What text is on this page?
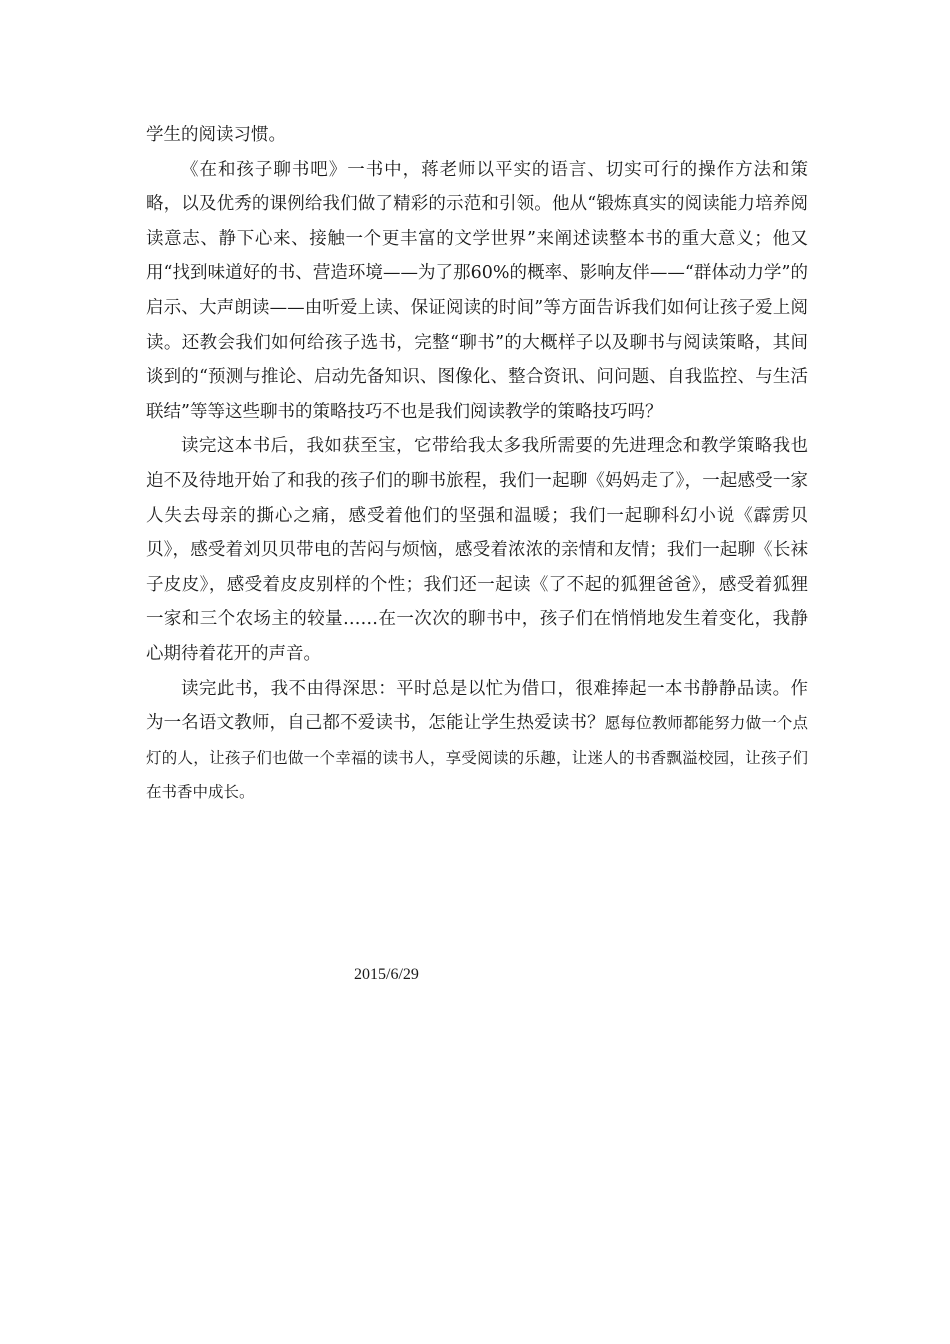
学生的阅读习惯。

《在和孩子聊书吧》一书中，蒋老师以平实的语言、切实可行的操作方法和策略，以及优秀的课例给我们做了精彩的示范和引领。他从“锻炼真实的阅读能力培养阅读意志、静下心来、接触一个更丰富的文学世界”来阐述读整本书的重大意义；他又用“找到味道好的书、营造环境——为了那60%的概率、影响友伴——“群体动力学”的启示、大声朗读——由听爱上读、保证阅读的时间”等方面告诉我们如何让孩子爱上阅读。还教会我们如何给孩子选书，完整“聊书”的大概样子以及聊书与阅读策略，其间谈到的“预测与推论、启动先备知识、图像化、整合资讯、问问题、自我监控、与生活联结”等等这些聊书的策略技巧不也是我们阅读教学的策略技巧吗？

读完这本书后，我如获至宝，它带给我太多我所需要的先进理念和教学策略我也迫不及待地开始了和我的孩子们的聊书旅程，我们一起聊《妈妈走了》，一起感受一家人失去母亲的撕心之痛，感受着他们的坚强和温暖；我们一起聊科幻小说《霹雳贝贝》，感受着刘贝贝带电的苦闷与烦恼，感受着浓浓的亲情和友情；我们一起聊《长袜子皮皮》，感受着皮皮别样的个性；我们还一起读《了不起的狐狸爸爸》，感受着狐狸一家和三个农场主的较量……在一次次的聊书中，孩子们在悄悄地发生着变化，我静心期待着花开的声音。

读完此书，我不由得深思：平时总是以忙为借口，很难捧起一本书静静品读。作为一名语文教师，自己都不爱读书，怎能让学生热爱读书？愿每位教师都能努力做一个点灯的人，让孩子们也做一个幸福的读书人，享受阅读的乐趣，让迷人的书香飘溢校园，让孩子们在书香中成长。

2015/6/29
